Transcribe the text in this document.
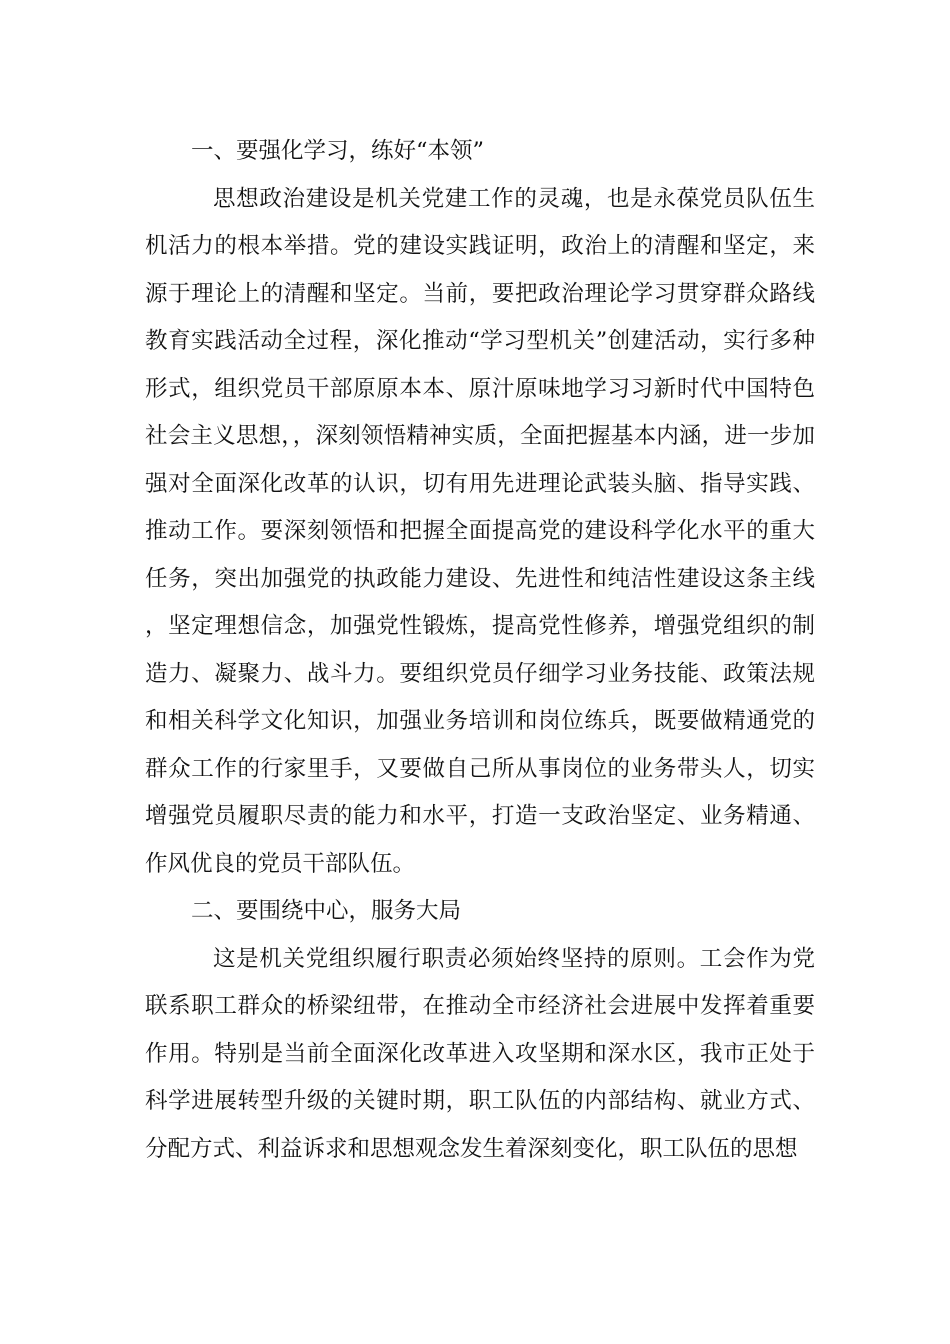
一、要强化学习，练好“本领”

思想政治建设是机关党建工作的灵魂，也是永葆党员队伍生机活力的根本举措。党的建设实践证明，政治上的清醒和坚定，来源于理论上的清醒和坚定。当前，要把政治理论学习贯穿群众路线教育实践活动全过程，深化推动“学习型机关”创建活动，实行多种形式，组织党员干部原原本本、原汁原味地学习习新时代中国特色社会主义思想，，深刻领悟精神实质，全面把握基本内涵，进一步加强对全面深化改革的认识，切有用先进理论武装头脑、指导实践、推动工作。要深刻领悟和把握全面提高党的建设科学化水平的重大任务，突出加强党的执政能力建设、先进性和纯洁性建设这条主线，坚定理想信念，加强党性锻炼，提高党性修养，增强党组织的制造力、凝聚力、战斗力。要组织党员仔细学习业务技能、政策法规和相关科学文化知识，加强业务培训和岗位练兵，既要做精通党的群众工作的行家里手，又要做自己所从事岗位的业务带头人，切实增强党员履职尽责的能力和水平，打造一支政治坚定、业务精通、作风优良的党员干部队伍。

二、要围绕中心，服务大局

这是机关党组织履行职责必须始终坚持的原则。工会作为党联系职工群众的桥梁纽带，在推动全市经济社会进展中发挥着重要作用。特别是当前全面深化改革进入攻坚期和深水区，我市正处于科学进展转型升级的关键时期，职工队伍的内部结构、就业方式、分配方式、利益诉求和思想观念发生着深刻变化，职工队伍的思想
